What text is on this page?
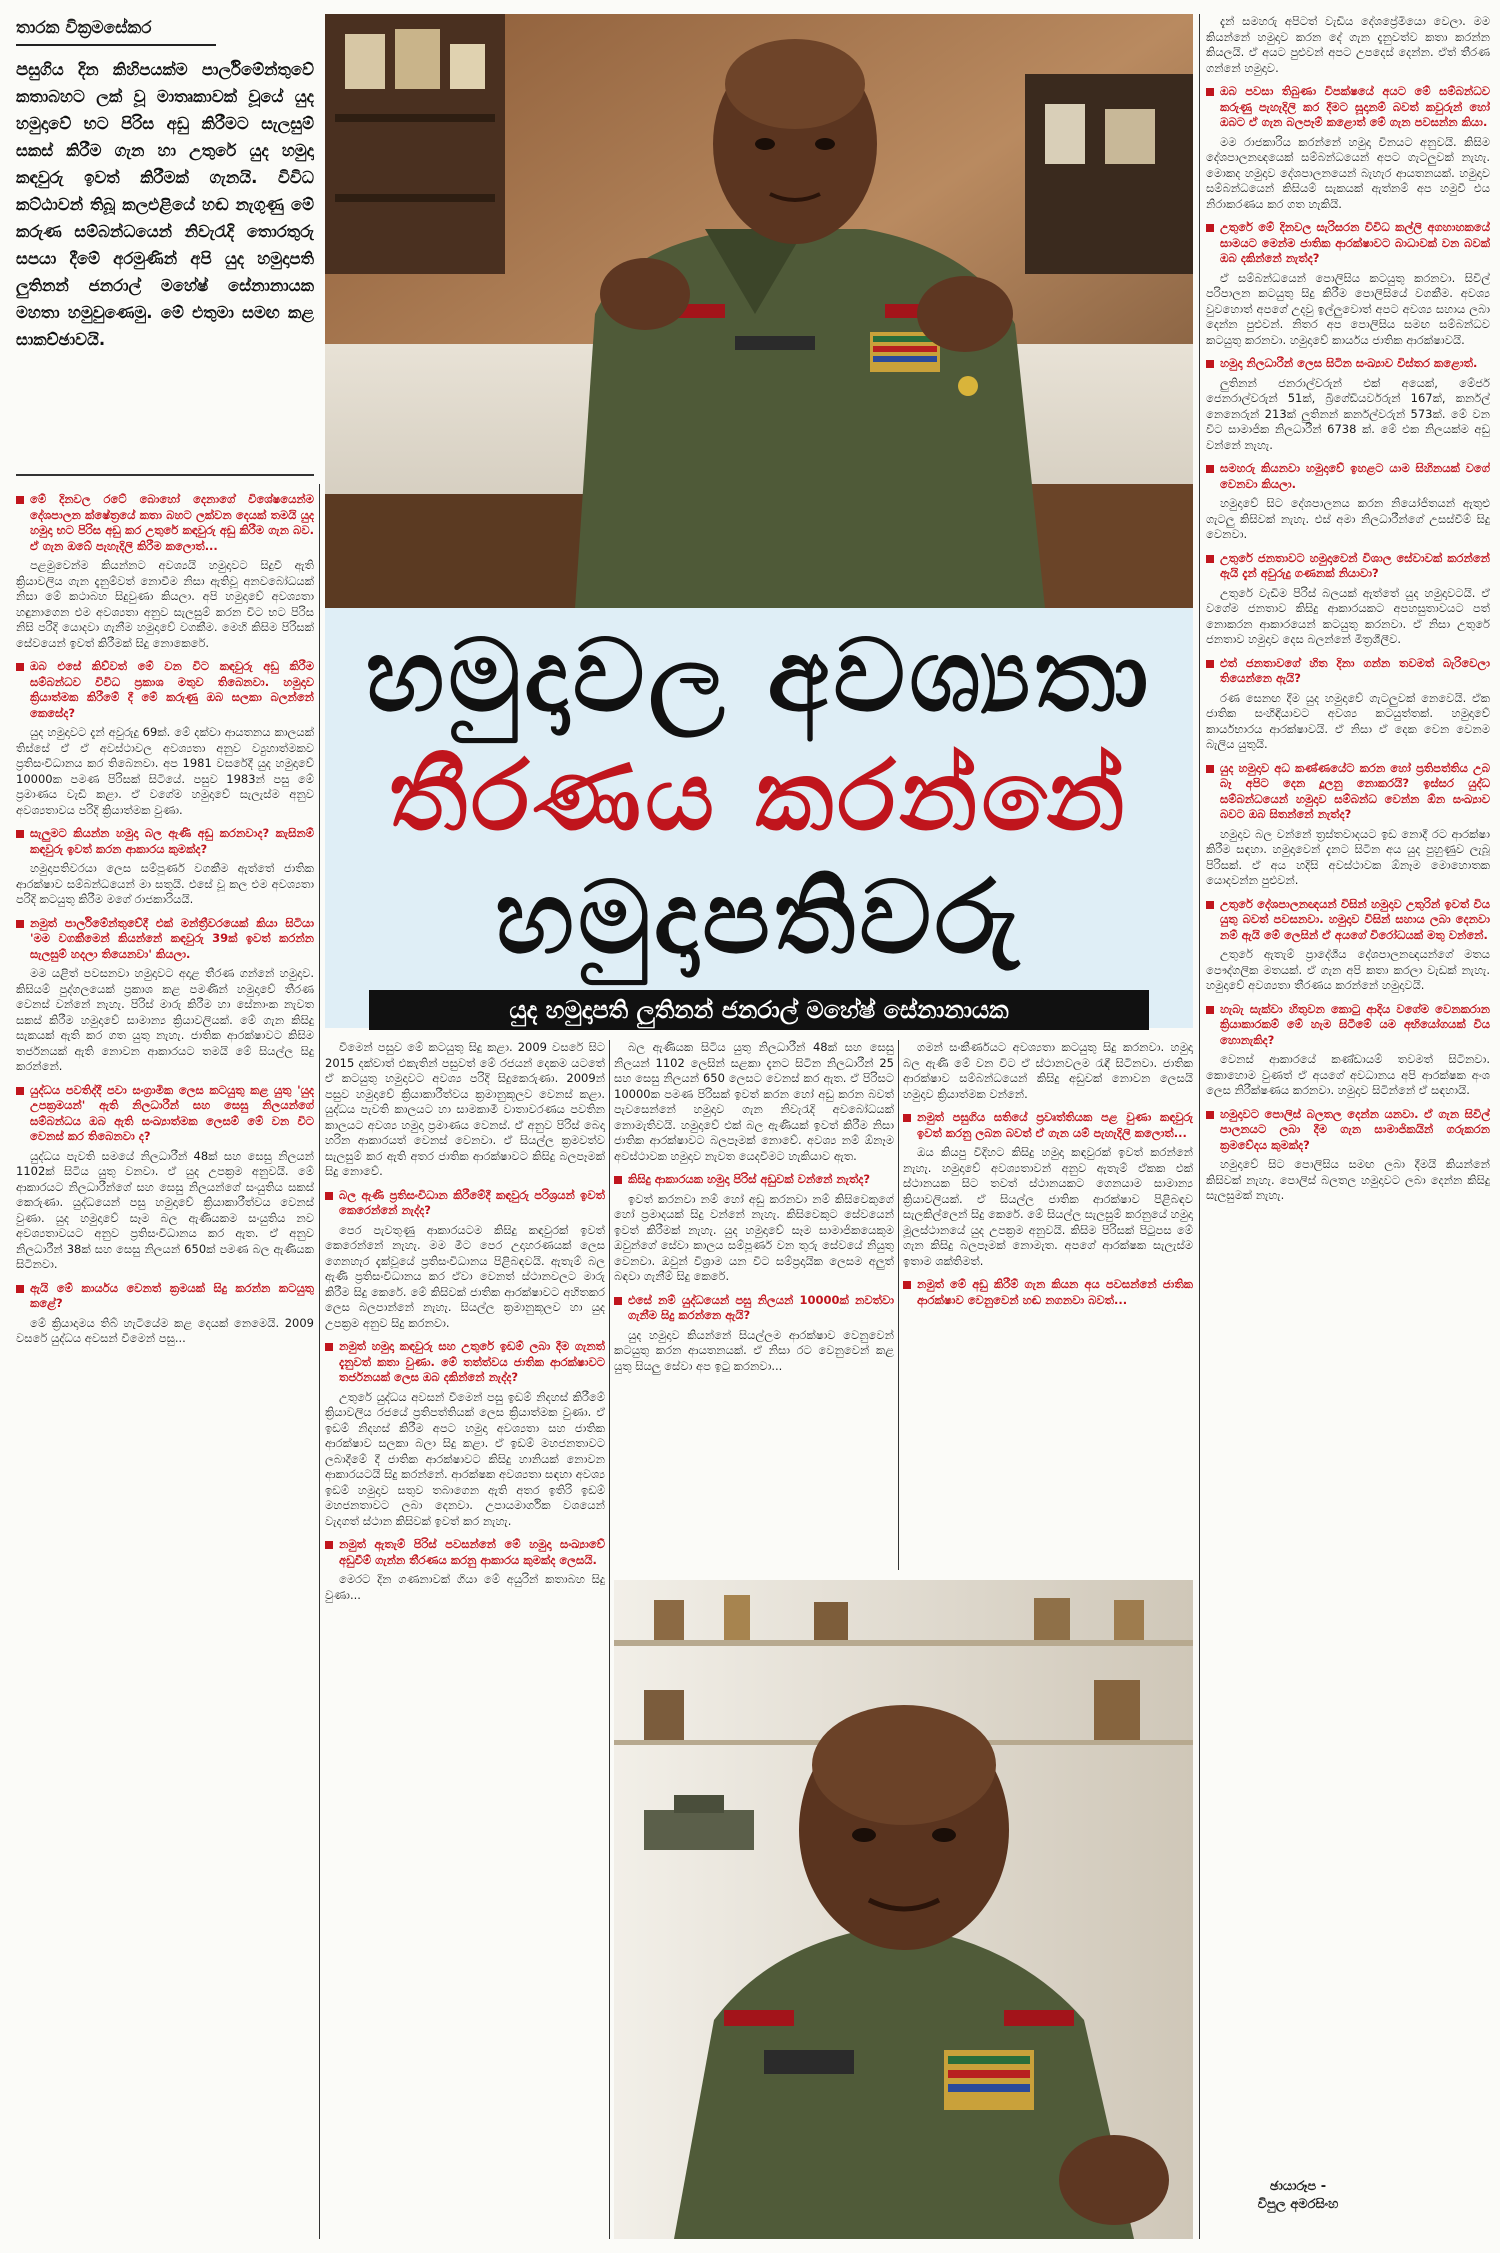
තාරක වික්‍රමසේකර
පසුගිය දින කිහිපයක්ම පාර්ලිමේන්තුවේ කතාබහට ලක් වූ මාතෘකාවක් වූයේ යුද හමුදාවේ භට පිරිස අඩු කිරීමට සැලසුම් සකස් කිරීම ගැන හා උතුරේ යුද හමුදා කඳවුරු ඉවත් කිරීමක් ගැනයි. විවිධ කට්ඨාවන් තිබූ කලඑළියේ හඬ නැගුණු මේ කරුණ සම්බන්ධයෙන් නිවැරැදි තොරතුරු සපයා දීමේ අරමුණින් අපි යුද හමුදාපති ලුතිනන් ජනරාල් මහේෂ් සේනානායක මහතා හමුවුණෙමු. මේ එතුමා සමඟ කළ සාකච්ඡාවයි.
හමුදාවල අවශ්‍යතා
තීරණය කරන්නේ
හමුදාපතිවරු
යුද හමුදාපති ලුතිනන් ජනරාල් මහේෂ් සේනානායක
මේ දිනවල රටේ බොහෝ දෙනාගේ විශේෂයෙන්ම දේශපාලන ක්ෂේත්‍රයේ කතා බහට ලක්වන දෙයක් තමයි යුද හමුදා භට පිරිස අඩු කර උතුරේ කඳවුරු අඩු කිරීම ගැන බව. ඒ ගැන ඔබේ පැහැදිලි කිරීම කලොත්...
පළමුවෙන්ම කියන්නට අවශ්‍යයි හමුදාවට සිදුවී ඇති ක්‍රියාවලිය ගැන දැනුම්වත් නොවීම නිසා ඇතිවූ අනවබෝධයක් නිසා මේ කථාබහ සිදුවුණා කියලා. අපි හමුදාවේ අවශ්‍යතා හඳුනාගෙන එම අවශ්‍යතා අනුව සැලසුම් කරන විට භට පිරිස නිසි පරිදි යොදවා ගැනීම හමුදාවේ වගකීම. මෙහි කිසිම පිරිසක් සේවයෙන් ඉවත් කිරීමක් සිදු නොකෙරේ.
ඔබ එසේ කිව්වත් මේ වන විට කඳවුරු අඩු කිරීම සම්බන්ධව විවිධ ප්‍රකාශ මතුව තිබෙනවා. හමුදාව ක්‍රියාත්මක කිරීමේ දී මේ කරුණු ඔබ සලකා බලන්නේ කෙසේද?
යුද හමුදාවට දැන් අවුරුදු 69ක්. මේ දක්වා ආයතනය කාලයක් තිස්සේ ඒ ඒ අවස්ථාවල අවශ්‍යතා අනුව ව්‍යුහාත්මකව ප්‍රතිසංවිධානය කර තිබෙනවා. අප 1981 වසරේදී යුද හමුදාවේ 10000ක පමණ පිරිසක් සිටියේ. පසුව 1983න් පසු මේ ප්‍රමාණය වැඩි කළා. ඒ වගේම හමුදාවේ සැලැස්ම අනුව අවශ්‍යතාවය පරිදි ක්‍රියාත්මක වුණා.
සැලුමට කියන්න හමුදා බල ඇණි අඩු කරනවාද? කැසිනම් කඳවුරු ඉවත් කරන ආකාරය කුමක්ද?
හමුදාපතිවරයා ලෙස සම්පූර්ණ වගකීම ඇත්තේ ජාතික ආරක්ෂාව සම්බන්ධයෙන් මා සතුයි. එසේ වූ කල එම අවශ්‍යතා පරිදි කටයුතු කිරීම මගේ රාජකාරියයි.
නමුත් පාර්ලිමේන්තුවේදී එක් මන්ත්‍රීවරයෙක් කියා සිටියා 'මම වගකීමෙන් කියන්නේ කඳවුරු 39ක් ඉවත් කරන්න සැලසුම් හදලා තියෙනවා' කියලා.
මම යළිත් පවසනවා හමුදාවට අදාළ තීරණ ගන්නේ හමුදාව. කිසියම් පුද්ගලයෙක් ප්‍රකාශ කළ පමණින් හමුදාවේ තීරණ වෙනස් වන්නේ නැහැ. පිරිස් මාරු කිරීම හා සේනාංක නැවත සකස් කිරීම හමුදාවේ සාමාන්‍ය ක්‍රියාවලියක්. මේ ගැන කිසිදු සැකයක් ඇති කර ගත යුතු නැහැ. ජාතික ආරක්ෂාවට කිසිම තර්ජනයක් ඇති නොවන ආකාරයට තමයි මේ සියල්ල සිදු කරන්නේ.
යුද්ධය පවතිද්දී පවා සංග්‍රාමික ලෙස කටයුතු කළ යුතු 'යුද උපක්‍රමයන්' ඇති නිලධාරීන් සහ සෙසු නිලයන්ගේ සම්බන්ධය ඔබ ඇති සංඛ්‍යාත්මක ලෙසම් මේ වන විට වෙනස් කර තිබෙනවා ද?
යුද්ධය පැවති සමයේ නිලධාරීන් 48ක් සහ සෙසු නිලයන් 1102ක් සිටිය යුතු වනවා. ඒ යුද උපක්‍රම අනුවයි. මේ ආකාරයට නිලධාරීන්ගේ සහ සෙසු නිලයන්ගේ සංයුතිය සකස් කෙරුණා. යුද්ධයෙන් පසු හමුදාවේ ක්‍රියාකාරීත්වය වෙනස් වුණා. යුද හමුදාවේ සෑම බල ඇණියකම සංයුතිය නව අවශ්‍යතාවයට අනුව ප්‍රතිසංවිධානය කර ඇත. ඒ අනුව නිලධාරීන් 38ක් සහ සෙසු නිලයන් 650ක් පමණ බල ඇණියක සිටිනවා.
ඇයි මේ කාර්යය වෙනත් ක්‍රමයක් සිදු කරන්න කටයුතු කළේ?
මේ ක්‍රියාදාමය තිබ් හැටියේම කළ දෙයක් නෙමෙයි. 2009 වසරේ යුද්ධය අවසන් වීමෙන් පසු...
වීමෙන් පසුව මේ කටයුතු සිදු කළා. 2009 වසරේ සිට 2015 දක්වාත් එකැතින් පසුවත් මේ රජයන් දෙකම යටතේ ඒ කටයුතු හමුදාවට අවශ්‍ය පරිදි සිදුකෙරුණා. 2009න් පසුව හමුදාවේ ක්‍රියාකාරීත්වය ක්‍රමානුකූලව වෙනස් කළා. යුද්ධය පැවති කාලයට හා සාමකාමී වාතාවරණය පවතින කාලයට අවශ්‍ය හමුදා ප්‍රමාණය වෙනස්. ඒ අනුව පිරිස් බෙදා හරින ආකාරයත් වෙනස් වෙනවා. ඒ සියල්ල ක්‍රමවත්ව සැලසුම් කර ඇති අතර ජාතික ආරක්ෂාවට කිසිදු බලපෑමක් සිදු නොවේ.
බල ඇණි ප්‍රතිසංවිධාන කිරීමේදී කඳවුරු පරිශ්‍රයන් ඉවත් කෙරෙන්නේ නැද්ද?
පෙර පැවතුණු ආකාරයටම කිසිදු කඳවුරක් ඉවත් කෙරෙන්නේ නැහැ. මම මීට පෙර උදාහරණයක් ලෙස ගෙනහැර දැක්වූයේ ප්‍රතිසංවිධානය පිළිබඳවයි. ඇතැම් බල ඇණි ප්‍රතිසංවිධානය කර ඒවා වෙනත් ස්ථානවලට මාරු කිරීම සිදු කෙරේ. මේ කිසිවක් ජාතික ආරක්ෂාවට අහිතකර ලෙස බලපාන්නේ නැහැ. සියල්ල ක්‍රමානුකූලව හා යුද උපක්‍රම අනුව සිදු කරනවා.
නමුත් හමුදා කඳවුරු සහ උතුරේ ඉඩම් ලබා දීම ගැනත් දැනුවත් කතා වුණා. මේ තත්ත්වය ජාතික ආරක්ෂාවට තර්ජනයක් ලෙස ඔබ දකින්නේ නැද්ද?
උතුරේ යුද්ධය අවසන් වීමෙන් පසු ඉඩම් නිදහස් කිරීමේ ක්‍රියාවලිය රජයේ ප්‍රතිපත්තියක් ලෙස ක්‍රියාත්මක වුණා. ඒ ඉඩම් නිදහස් කිරීම අපට හමුදා අවශ්‍යතා සහ ජාතික ආරක්ෂාව සලකා බලා සිදු කළා. ඒ ඉඩම් මහජනතාවට ලබාදීමේ දී ජාතික ආරක්ෂාවට කිසිදු හානියක් නොවන ආකාරයටයි සිදු කරන්නේ. ආරක්ෂක අවශ්‍යතා සඳහා අවශ්‍ය ඉඩම් හමුදාව සතුව තබාගෙන ඇති අතර ඉතිරි ඉඩම් මහජනතාවට ලබා දෙනවා. උපායමාර්ගික වශයෙන් වැදගත් ස්ථාන කිසිවක් ඉවත් කර නැහැ.
නමුත් ඇතැම් පිරිස් පවසන්නේ මේ හමුදා සංඛ්‍යාවේ අඩුවීම් ගැන්න තීරණය කරනු ආකාරය කුමක්ද ලෙසයි.
මෙරට දින ගණනාවක් ගියා මේ අයුරින් කතාබහ සිදු වුණා...
බල ඇණියක සිටිය යුතු නිලධාරීන් 48ක් සහ සෙසු නිලයන් 1102 ලෙසින් සළකා දැනට සිටින නිලධාරීන් 25 සහ සෙසු නිලයන් 650 ලෙසට වෙනස් කර ඇත. ඒ පිරිසට 10000ක පමණ පිරිසක් ඉවත් කරන හෝ අඩු කරන බවත් පැවසෙන්නේ හමුදාව ගැන නිවැරැදි අවබෝධයක් නොමැතිවයි. හමුදාවේ එක් බල ඇණියක් ඉවත් කිරීම නිසා ජාතික ආරක්ෂාවට බලපෑමක් නොවේ. අවශ්‍ය නම් ඕනෑම අවස්ථාවක හමුදාව නැවත යෙදවීමට හැකියාව ඇත.
කිසිදු ආකාරයක හමුදා පිරිස් අඩුවක් වන්නේ නැත්ද?
ඉවත් කරනවා නම් හෝ අඩු කරනවා නම් කිසිවෙකුගේ හෝ ප්‍රමාදයක් සිදු වන්නේ නැහැ. කිසිවෙකුට සේවයෙන් ඉවත් කිරීමක් නැහැ. යුද හමුදාවේ සෑම සාමාජිකයෙකුම ඔවුන්ගේ සේවා කාලය සම්පූර්ණ වන තුරු සේවයේ නියුතු වෙනවා. ඔවුන් විශ්‍රාම යන විට සම්ප්‍රදායික ලෙසම අලුත් බඳවා ගැනීම් සිදු කෙරේ.
එසේ නම් යුද්ධයෙන් පසු නිලයන් 10000ක් නවත්වා ගැනීම සිදු කරන්නෙ ඇයි?
යුද හමුදාව කියන්නේ සියල්ලම ආරක්ෂාව වෙනුවෙන් කටයුතු කරන ආයතනයක්. ඒ නිසා රට වෙනුවෙන් කළ යුතු සියලු සේවා අප ඉටු කරනවා...
ගමන් සංකීර්ණයට අවශ්‍යතා කටයුතු සිදු කරනවා. හමුදා බල ඇණි මේ වන විට ඒ ස්ථානවලම රැඳී සිටිනවා. ජාතික ආරක්ෂාව සම්බන්ධයෙන් කිසිදු අඩුවක් නොවන ලෙසයි හමුදාව ක්‍රියාත්මක වන්නේ.
නමුත් පසුගිය සතියේ ප්‍රවෘත්තියක පළ වුණා කඳවුරු ඉවත් කරනු ලබන බවත් ඒ ගැන යම් පැහැදිලි කලොත්...
ඔය කියපු විදිහට කිසිදු හමුදා කඳවුරක් ඉවත් කරන්නේ නැහැ. හමුදාවේ අවශ්‍යතාවන් අනුව ඇතැම් ඒකක එක් ස්ථානයක සිට තවත් ස්ථානයකට ගෙනයාම සාමාන්‍ය ක්‍රියාවලියක්. ඒ සියල්ල ජාතික ආරක්ෂාව පිළිබඳව සැලකිල්ලෙන් සිදු කෙරේ. මේ සියල්ල සැලසුම් කරනුයේ හමුදා මූලස්ථානයේ යුද උපක්‍රම අනුවයි. කිසිම පිරිසක් පිටුපස මේ ගැන කිසිදු බලපෑමක් නොමැත. අපගේ ආරක්ෂක සැලැස්ම ඉතාම ශක්තිමත්.
නමුත් මේ අඩු කිරීම් ගැන කියන අය පවසන්නේ ජාතික ආරක්ෂාව වෙනුවෙන් හඬ නගනවා බවත්...
දැන් සමහරු අපිටත් වැඩිය දේශප්‍රේමියො වෙලා. මම කියන්නේ හමුදාව කරන දේ ගැන දැනුවත්ව කතා කරන්න කියලයි. ඒ අයට පුළුවන් අපට උපදෙස් දෙන්න. ඒත් තීරණ ගන්නේ හමුදාව.
ඔබ පවසා තිබුණා විපක්ෂයේ අයට මේ සම්බන්ධව කරුණු පැහැදිලි කර දීමට සූදානම් බවත් කවුරුන් හෝ ඔබට ඒ ගැන බලපෑම් කළොත් මේ ගැන පවසන්න කියා.
මම රාජකාරිය කරන්නේ හමුදා විනයට අනුවයි. කිසිම දේශපාලනඥයෙක් සම්බන්ධයෙන් අපට ගැටලුවක් නැහැ. මොකද හමුදාව දේශපාලනයෙන් බැහැර ආයතනයක්. හමුදාව සම්බන්ධයෙන් කිසියම් සැකයක් ඇත්නම් අප හමුවී එය නිරාකරණය කර ගත හැකියි.
උතුරේ මේ දිනවල සැරිසරන විවිධ කල්ලි අගහාහකයේ සාමයට මෙන්ම ජාතික ආරක්ෂාවට බාධාවක් වන බවක් ඔබ දකින්නේ නැත්ද?
ඒ සම්බන්ධයෙන් පොලිසිය කටයුතු කරනවා. සිවිල් පරිපාලන කටයුතු සිදු කිරීම පොලිසියේ වගකීම. අවශ්‍ය වුවහොත් අපගේ උදවු ඉල්ලුවොත් අපට අවශ්‍ය සහාය ලබා දෙන්න පුළුවන්. නිතර අප පොලිසිය සමඟ සම්බන්ධව කටයුතු කරනවා. හමුදාවේ කාර්යය ජාතික ආරක්ෂාවයි.
හමුදා නිලධාරීන් ලෙස සිටින සංඛ්‍යාව විස්තර කළොත්.
ලුතිනන් ජනරාල්වරුන් එක් අයෙක්, මේජර් ජෙනරාල්වරුන් 51ක්, බ්‍රිගේඩියර්වරුන් 167ක්, කර්නල් නෙනෙරුන් 213ක් ලුතිනන් කර්නල්වරුන් 573ක්. මේ වන විට සාමාජික නිලධාරීන් 6738 ක්. මේ එක නිලයක්ම අඩු වන්නේ නැහැ.
සමහරු කියනවා හමුදාවේ ඉහළට යාම සිහිනයක් වගේ වෙනවා කියලා.
හමුදාවේ සිට දේශපාලනය කරන නියෝජිතයන් ඇතුළු ගැටලු කිසිවක් නැහැ. එස් අමා නිලධාරීන්ගේ උසස්වීම් සිදු වෙනවා.
උතුරේ ජනතාවට හමුදාවෙන් විශාල සේවාවක් කරන්නේ ඇයි දැන් අවුරුදු ගණනක් නියාවා?
උතුරේ වැඩිම පිරිස් බලයක් ඇත්තේ යුද හමුදාවටයි. ඒ වගේම ජනතාව කිසිදු ආකාරයකට අපහසුතාවයට පත් නොකරන ආකාරයෙන් කටයුතු කරනවා. ඒ නිසා උතුරේ ජනතාව හමුදාව දෙස බලන්නේ මිත්‍රශීලීව.
එත් ජනතාවගේ හිත දිනා ගන්න තවමත් බැරිවෙලා තියෙන්නෙ ඇයි?
රණ සෙනඟ දීම යුද හමුදාවේ ගැටලුවක් නෙවෙයි. ඒක ජාතික සංහිඳියාවට අවශ්‍ය කටයුත්තක්. හමුදාවේ කාර්යභාරය ආරක්ෂාවයි. ඒ නිසා ඒ දෙක වෙන වෙනම බැලිය යුතුයි.
යුද හමුදාව අධ කණ්ණයේට කරන හෝ ප්‍රතිපත්තිය උබ බෑ අපිට දෙන දූලනු නොකරයි? ඉස්සර යුද්ධ සම්බන්ධයෙන් හමුදාව සම්බන්ධ වෙන්න ඕන සංඛ්‍යාව බවට ඔබ සිතන්නේ නැත්ද?
හමුදාව බල වන්නේ ත්‍රස්තවාදයට ඉඩ නොදී රට ආරක්ෂා කිරීම සඳහා. හමුදාවෙන් දැනට සිටින අය යුද පුහුණුව ලැබූ පිරිසක්. ඒ අය හදිසි අවස්ථාවක ඕනෑම මොහොතක යොදවන්න පුළුවන්.
උතුරේ දේශපාලනඥයන් විසින් හමුදාව උතුරින් ඉවත් විය යුතු බවත් පවසනවා. හමුදාව විසින් සහාය ලබා දෙනවා නම් ඇයි මේ ලෙසින් ඒ අයගේ විරෝධයක් මතු වන්නේ.
උතුරේ ඇතැම් ප්‍රාදේශීය දේශපාලනඥයන්ගේ මතය පෞද්ගලික මතයක්. ඒ ගැන අපි කතා කරලා වැඩක් නැහැ. හමුදාවේ අවශ්‍යතා තීරණය කරන්නේ හමුදාවයි.
හැබැ සැක්වා හිතුවන කොටු ආදිය වගේම වෙනකරාන ක්‍රියාකාරකම් මේ හැම සිටීමේ යම අභියෝගයක් විය හොනැකිද?
වෙනස් ආකාරයේ කණ්ඩායම් තවමත් සිටිනවා. කොහොම වුණත් ඒ අයගේ අවධානය අපි ආරක්ෂක අංශ ලෙස නිරීක්ෂණය කරනවා. හමුදාව සිටින්නේ ඒ සඳහායි.
හමුදාවට පොලිස් බලතල දෙන්න යනවා. ඒ ගැන සිවිල් පාලනයට ලබා දීම ගැන සාමාජිකයින් ගරුකරන ක්‍රමවේදය කුමක්ද?
හමුදාවේ සිට පොලිසිය සමඟ ලබා දීමයි කියන්නේ කිසිවක් නැහැ. පොලිස් බලතල හමුදාවට ලබා දෙන්න කිසිදු සැලසුමක් නැහැ.
ඡායාරූප -
විපුල අමරසිංහ
